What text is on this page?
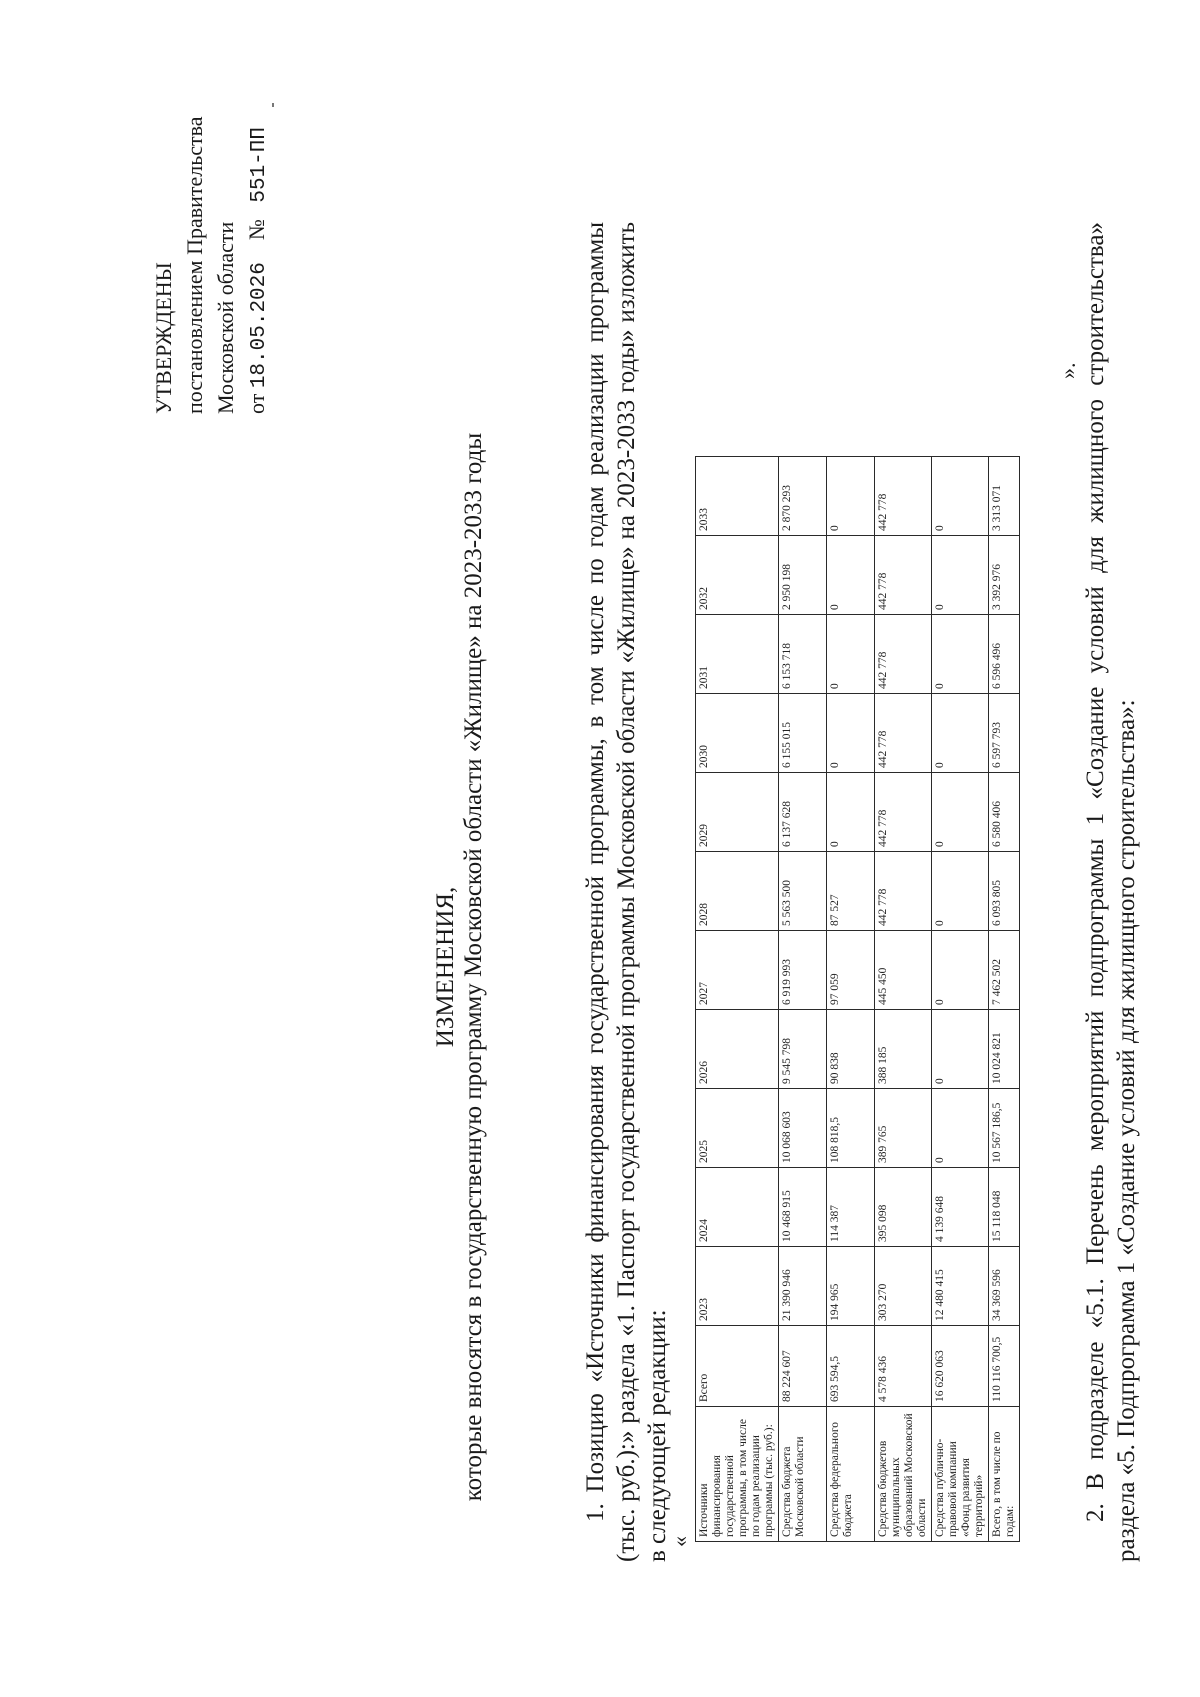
УТВЕРЖДЕНЫ постановлением Правительства Московской области от 18.05.2026    №   551-ПП
ИЗМЕНЕНИЯ, которые вносятся в государственную программу Московской области «Жилище» на 2023-2033 годы	1. Позицию «Источники финансирования государственной программы, в том числе по годам реализации программы (тыс. руб.):» раздела «1. Паспорт государственной программы Московской области «Жилище» на 2023-2033 годы» изложить в следующей редакции:
«
Источники финансирования государственной программы, в том числе по годам реализации программы (тыс. руб.):	Всего	2023	2024	2025	2026	2027	2028	2029	2030	2031	2032	2033
Средства бюджета Московской области	88 224 607	21 390 946	10 468 915	10 068 603	9 545 798	6 919 993	5 563 500	6 137 628	6 155 015	6 153 718	2 950 198	2 870 293
Средства федерального бюджета	693 594,5	194 965	114 387	108 818,5	90 838	97 059	87 527	0	0	0	0	0
Средства бюджетов муниципальных образований Московской области	4 578 436	303 270	395 098	389 765	388 185	445 450	442 778	442 778	442 778	442 778	442 778	442 778
Средства публично-правовой компании «Фонд развития территорий»	16 620 063	12 480 415	4 139 648	0	0	0	0	0	0	0	0	0
Всего, в том числе по годам:	110 116 700,5	34 369 596	15 118 048	10 567 186,5	10 024 821	7 462 502	6 093 805	6 580 406	6 597 793	6 596 496	3 392 976	3 313 071
». 2. В подразделе «5.1. Перечень мероприятий подпрограммы 1 «Создание условий для жилищного строительства» раздела «5. Подпрограмма 1 «Создание условий для жилищного строительства»:
